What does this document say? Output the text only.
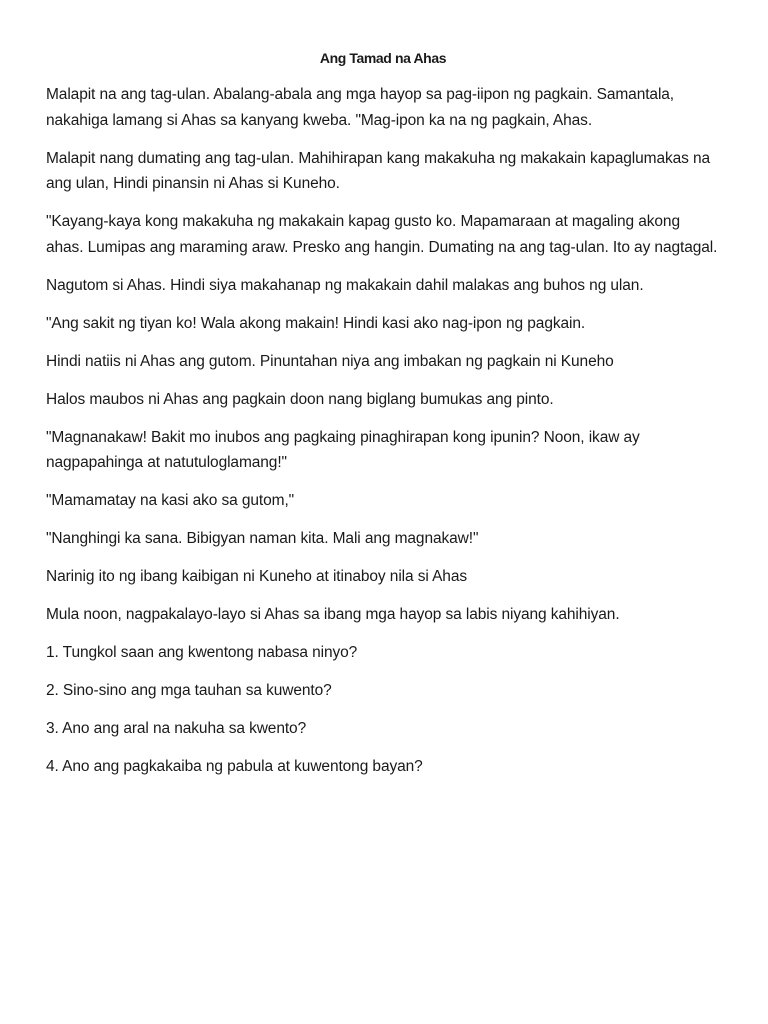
Ang Tamad na Ahas

Malapit na ang tag-ulan. Abalang-abala ang mga hayop sa pag-iipon ng pagkain. Samantala, nakahiga lamang si Ahas sa kanyang kweba. "Mag-ipon ka na ng pagkain, Ahas.

Malapit nang dumating ang tag-ulan. Mahihirapan kang makakuha ng makakain kapaglumakas na ang ulan, Hindi pinansin ni Ahas si Kuneho.

"Kayang-kaya kong makakuha ng makakain kapag gusto ko. Mapamaraan at magaling akong ahas. Lumipas ang maraming araw. Presko ang hangin. Dumating na ang tag-ulan. Ito ay nagtagal.

Nagutom si Ahas. Hindi siya makahanap ng makakain dahil malakas ang buhos ng ulan.

"Ang sakit ng tiyan ko! Wala akong makain! Hindi kasi ako nag-ipon ng pagkain.

Hindi natiis ni Ahas ang gutom. Pinuntahan niya ang imbakan ng pagkain ni Kuneho

Halos maubos ni Ahas ang pagkain doon nang biglang bumukas ang pinto.

"Magnanakaw! Bakit mo inubos ang pagkaing pinaghirapan kong ipunin? Noon, ikaw ay nagpapahinga at natutuloglamang!"

"Mamamatay na kasi ako sa gutom,"

"Nanghingi ka sana. Bibigyan naman kita. Mali ang magnakaw!"

Narinig ito ng ibang kaibigan ni Kuneho at itinaboy nila si Ahas

Mula noon, nagpakalayo-layo si Ahas sa ibang mga hayop sa labis niyang kahihiyan.

1. Tungkol saan ang kwentong nabasa ninyo?

2. Sino-sino ang mga tauhan sa kuwento?

3. Ano ang aral na nakuha sa kwento?

4. Ano ang pagkakaiba ng pabula at kuwentong bayan?
